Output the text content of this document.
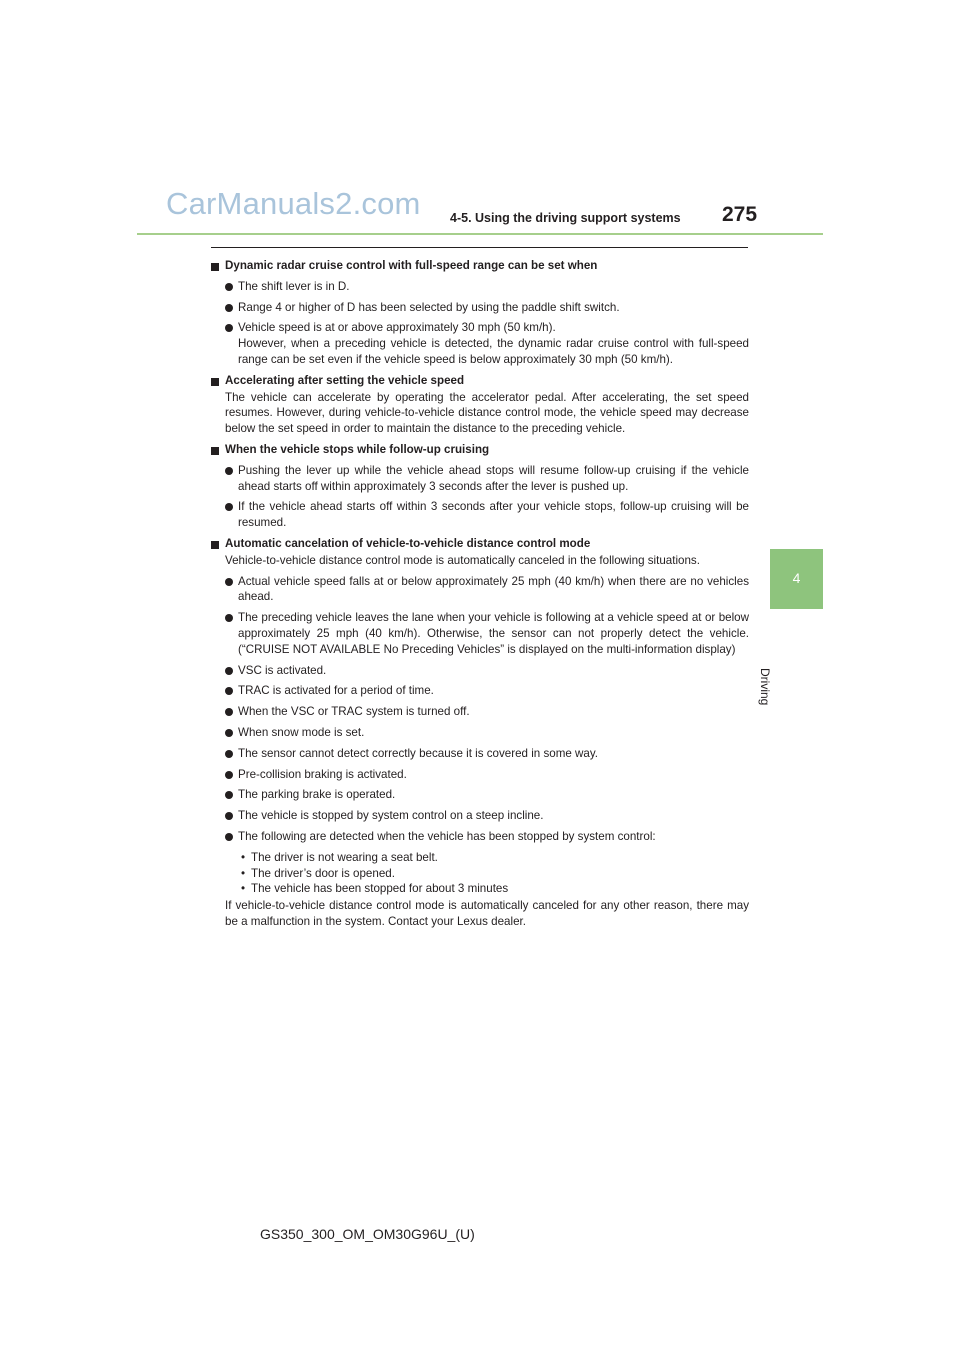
CarManuals2.com 4-5. Using the driving support systems 275
4
Driving
Dynamic radar cruise control with full-speed range can be set when
The shift lever is in D.
Range 4 or higher of D has been selected by using the paddle shift switch.
Vehicle speed is at or above approximately 30 mph (50 km/h).
However, when a preceding vehicle is detected, the dynamic radar cruise control with full-speed range can be set even if the vehicle speed is below approximately 30 mph (50 km/h).
Accelerating after setting the vehicle speed
The vehicle can accelerate by operating the accelerator pedal. After accelerating, the set speed resumes. However, during vehicle-to-vehicle distance control mode, the vehicle speed may decrease below the set speed in order to maintain the distance to the preceding vehicle.
When the vehicle stops while follow-up cruising
Pushing the lever up while the vehicle ahead stops will resume follow-up cruising if the vehicle ahead starts off within approximately 3 seconds after the lever is pushed up.
If the vehicle ahead starts off within 3 seconds after your vehicle stops, follow-up cruising will be resumed.
Automatic cancelation of vehicle-to-vehicle distance control mode
Vehicle-to-vehicle distance control mode is automatically canceled in the following situations.
Actual vehicle speed falls at or below approximately 25 mph (40 km/h) when there are no vehicles ahead.
The preceding vehicle leaves the lane when your vehicle is following at a vehicle speed at or below approximately 25 mph (40 km/h). Otherwise, the sensor can not properly detect the vehicle. (“CRUISE NOT AVAILABLE No Preceding Vehicles” is displayed on the multi-information display)
VSC is activated.
TRAC is activated for a period of time.
When the VSC or TRAC system is turned off.
When snow mode is set.
The sensor cannot detect correctly because it is covered in some way.
Pre-collision braking is activated.
The parking brake is operated.
The vehicle is stopped by system control on a steep incline.
The following are detected when the vehicle has been stopped by system control:
• The driver is not wearing a seat belt.
• The driver’s door is opened.
• The vehicle has been stopped for about 3 minutes
If vehicle-to-vehicle distance control mode is automatically canceled for any other reason, there may be a malfunction in the system. Contact your Lexus dealer.
GS350_300_OM_OM30G96U_(U)
